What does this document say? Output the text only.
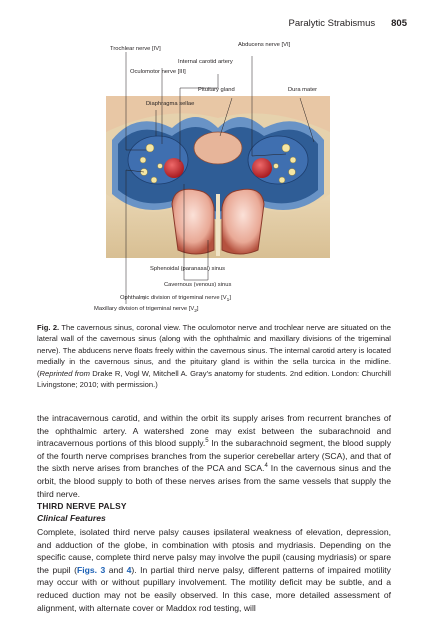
Paralytic Strabismus 805
Trochlear nerve [IV]
Abducens nerve [VI]
Internal carotid artery
Oculomotor nerve [III]
Pituitary gland	Dura mater
Diaphragma sellae
Sphenoidal (paranasal) sinus
Cavernous (venous) sinus
Ophthalmic division of trigeminal nerve $[V_1]$
Maxillary division of trigeminal nerve $[V_2]$
Fig. 2. The cavernous sinus, coronal view. The oculomotor nerve and trochlear nerve are situated on the lateral wall of the cavernous sinus (along with the ophthalmic and maxillary divisions of the trigeminal nerve). The abducens nerve floats freely within the cavernous sinus. The internal carotid artery is located medially in the cavernous sinus, and the pituitary gland is within the sella turcica in the midline. (Reprinted from Drake R, Vogl W, Mitchell A. Gray’s anatomy for students. 2nd edition. London: Churchill Livingstone; 2010; with permission.)

the intracavernous carotid, and within the orbit its supply arises from recurrent branches of the ophthalmic artery. A watershed zone may exist between the subarachnoid and intracavernous portions of this blood supply.$^5$ In the subarachnoid segment, the blood supply of the fourth nerve comprises branches from the superior cerebellar artery (SCA), and that of the sixth nerve arises from branches of the PCA and SCA.$^4$ In the cavernous sinus and the orbit, the blood supply to both of these nerves arises from the same vessels that supply the third nerve.

THIRD NERVE PALSY
Clinical Features

Complete, isolated third nerve palsy causes ipsilateral weakness of elevation, depression, and adduction of the globe, in combination with ptosis and mydriasis. Depending on the specific cause, complete third nerve palsy may involve the pupil (causing mydriasis) or spare the pupil (Figs. 3 and 4). In partial third nerve palsy, different patterns of impaired motility may occur with or without pupillary involvement. The motility deficit may be subtle, and a reduced duction may not be easily observed. In this case, more detailed assessment of alignment, with alternate cover or Maddox rod testing, will
